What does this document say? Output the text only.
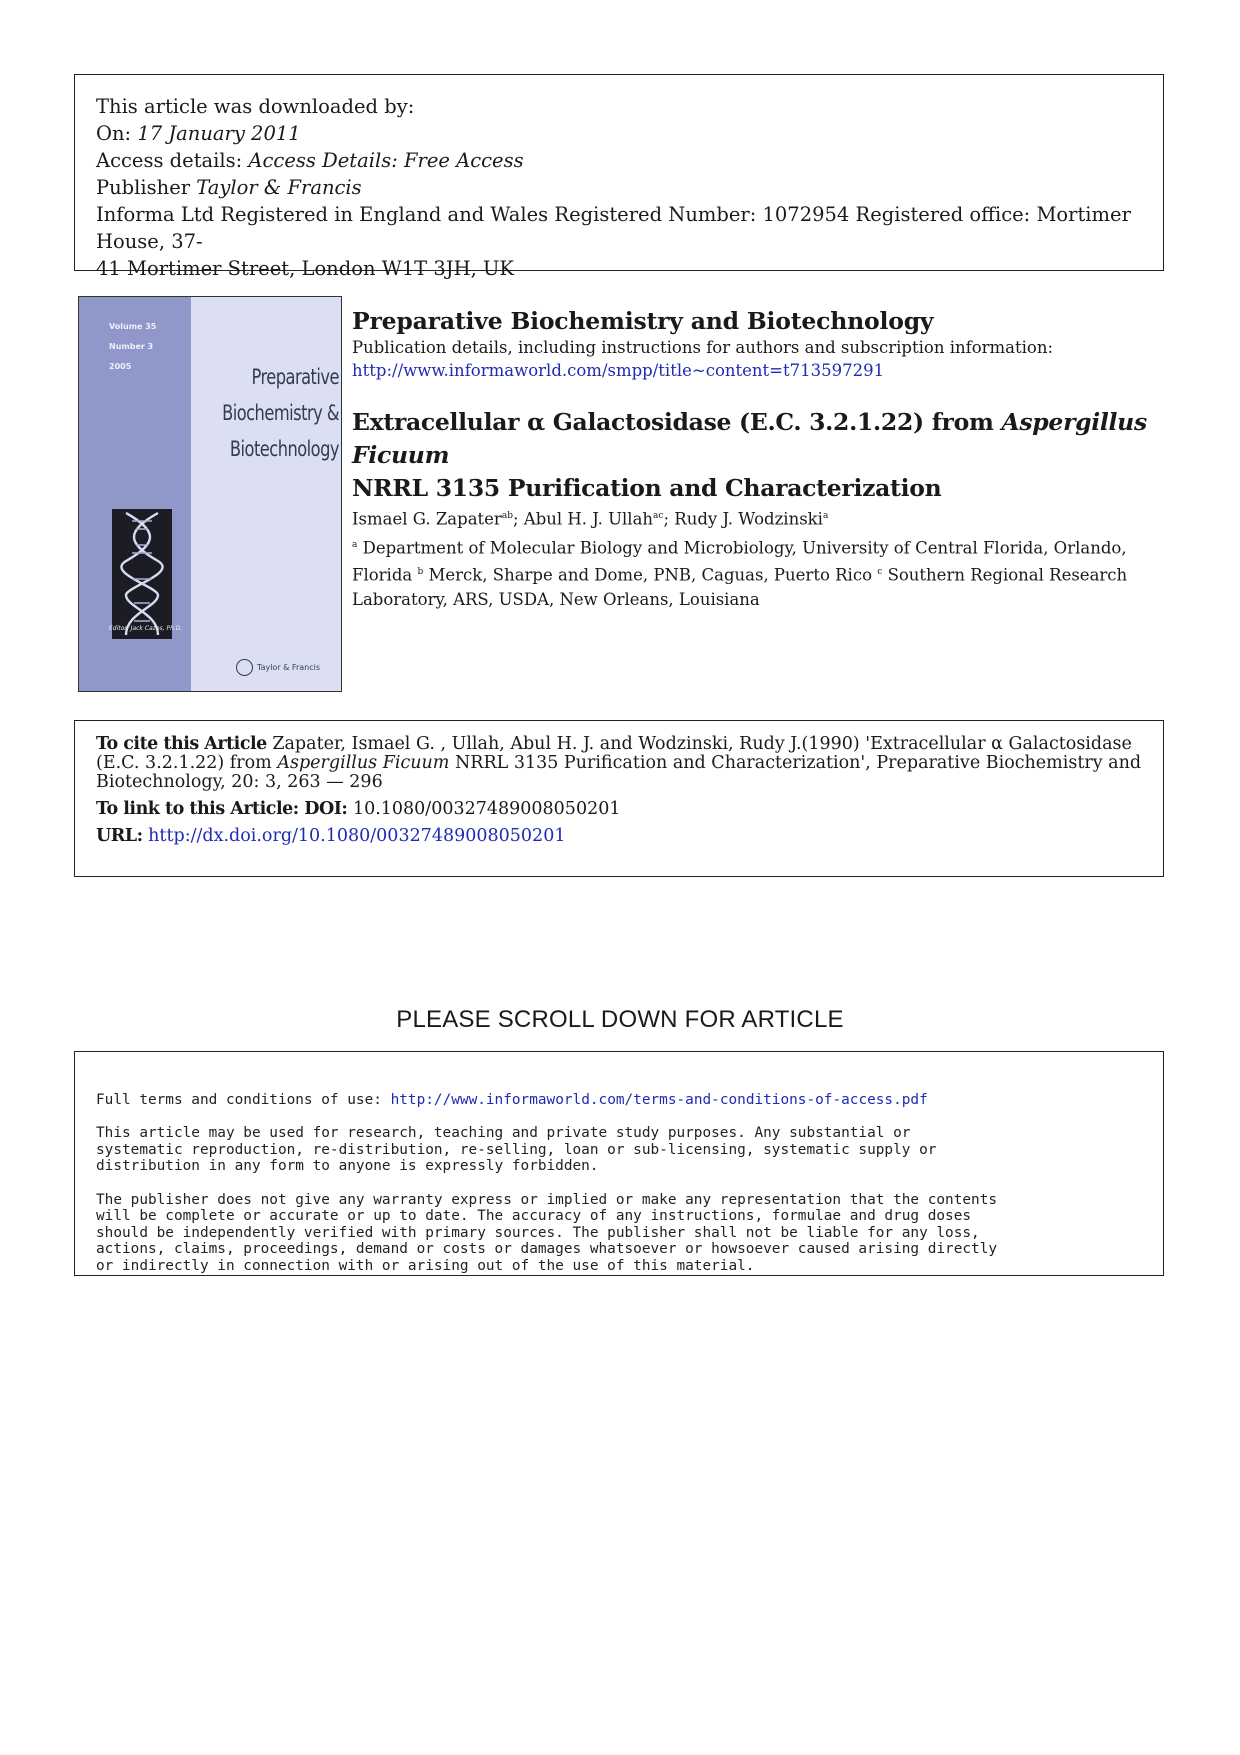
This article was downloaded by:
On: 17 January 2011
Access details: Access Details: Free Access
Publisher Taylor & Francis
Informa Ltd Registered in England and Wales Registered Number: 1072954 Registered office: Mortimer House, 37-
41 Mortimer Street, London W1T 3JH, UK
Volume 35
Number 3
2005	Preparative
Biochemistry &
Biotechnology
Editor: Jack Cazes, Ph.D.
Taylor & Francis
Preparative Biochemistry and Biotechnology
Publication details, including instructions for authors and subscription information:
http://www.informaworld.com/smpp/title~content=t713597291
Extracellular α Galactosidase (E.C. 3.2.1.22) from Aspergillus Ficuum
NRRL 3135 Purification and Characterization
Ismael G. Zapater$^{ab}$; Abul H. J. Ullah$^{ac}$; Rudy J. Wodzinski$^a$
$^a$ Department of Molecular Biology and Microbiology, University of Central Florida, Orlando, Florida $^b$ Merck, Sharpe and Dome, PNB, Caguas, Puerto Rico $^c$ Southern Regional Research Laboratory, ARS, USDA, New Orleans, Louisiana
To cite this Article Zapater, Ismael G. , Ullah, Abul H. J. and Wodzinski, Rudy J.(1990) 'Extracellular α Galactosidase (E.C. 3.2.1.22) from Aspergillus Ficuum NRRL 3135 Purification and Characterization', Preparative Biochemistry and Biotechnology, 20: 3, 263 — 296
To link to this Article: DOI: 10.1080/00327489008050201
URL: http://dx.doi.org/10.1080/00327489008050201
PLEASE SCROLL DOWN FOR ARTICLE

Full terms and conditions of use: http://www.informaworld.com/terms-and-conditions-of-access.pdf

This article may be used for research, teaching and private study purposes. Any substantial or
systematic reproduction, re-distribution, re-selling, loan or sub-licensing, systematic supply or
distribution in any form to anyone is expressly forbidden.

The publisher does not give any warranty express or implied or make any representation that the contents
will be complete or accurate or up to date. The accuracy of any instructions, formulae and drug doses
should be independently verified with primary sources. The publisher shall not be liable for any loss,
actions, claims, proceedings, demand or costs or damages whatsoever or howsoever caused arising directly
or indirectly in connection with or arising out of the use of this material.
